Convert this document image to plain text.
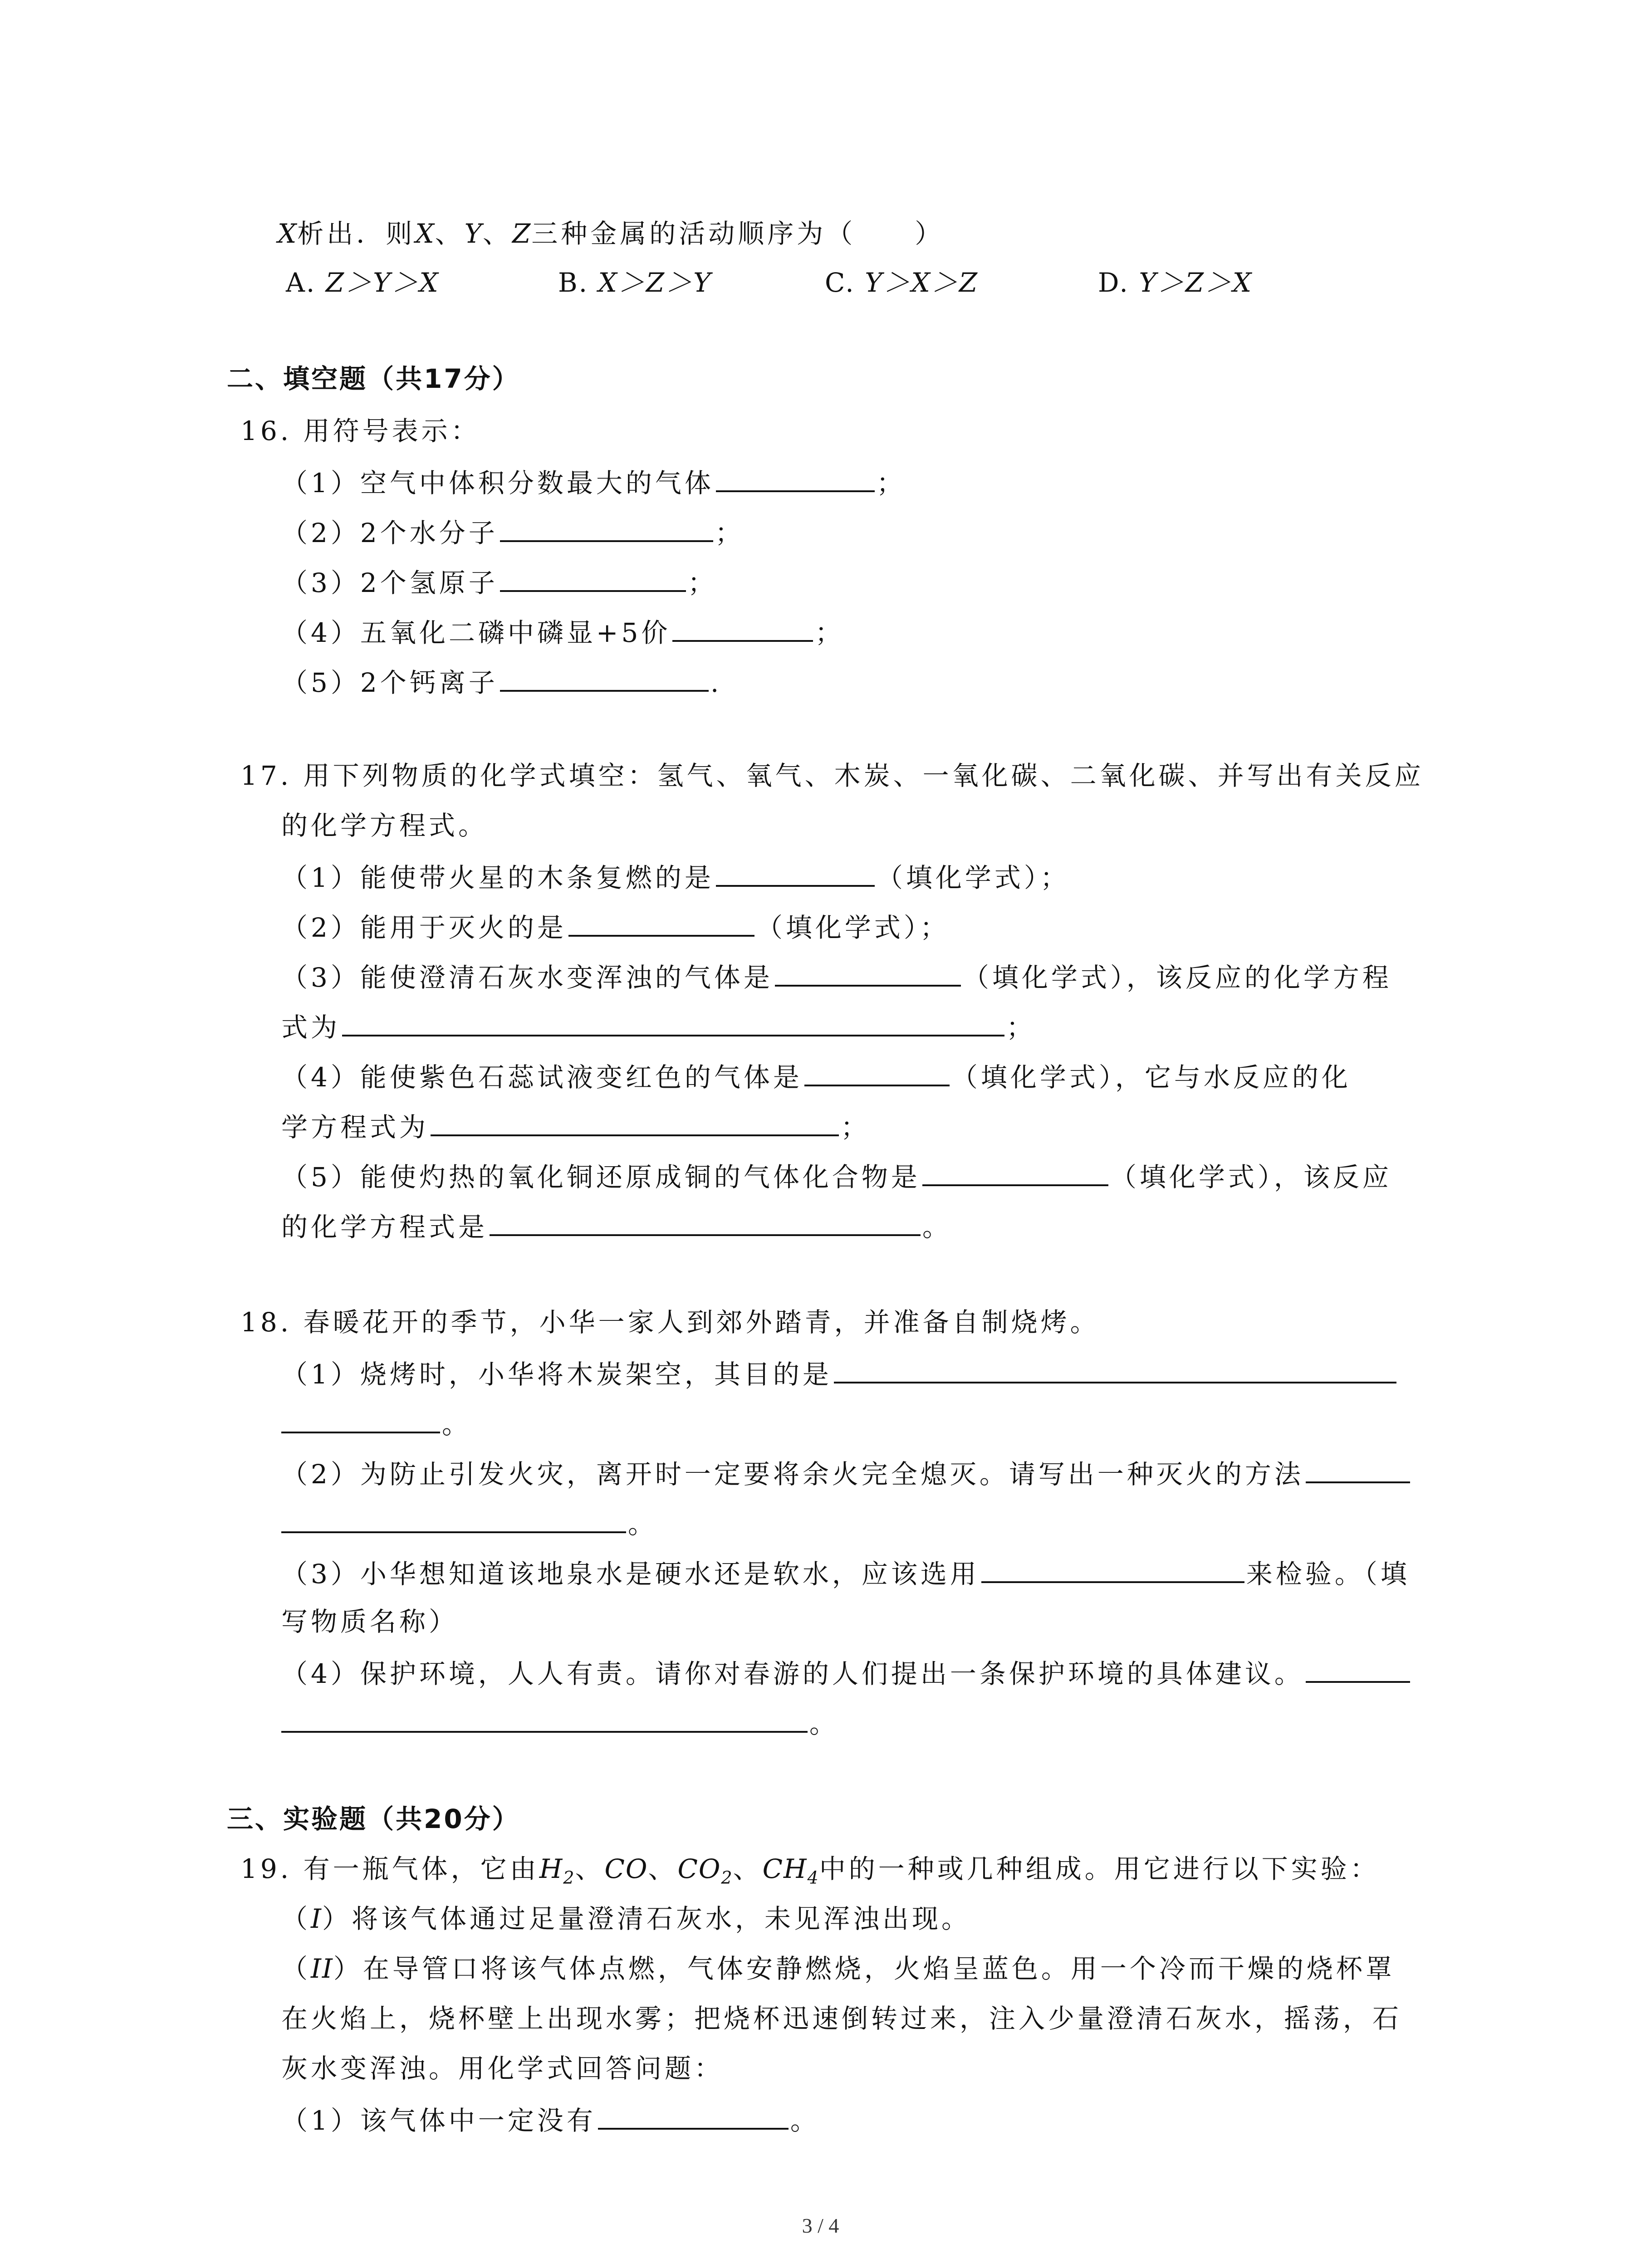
X析出．则X、Y、Z三种金属的活动顺序为（　　）
A. Z＞Y＞X	B. X＞Z＞Y	C. Y＞X＞Z	D. Y＞Z＞X
二、填空题（共17分）
16. 用符号表示：
（1）空气中体积分数最大的气体	；
（2）2个水分子	；
（3）2个氢原子	；
（4）五氧化二磷中磷显+5价	；
（5）2个钙离子	.
17. 用下列物质的化学式填空：氢气、氧气、木炭、一氧化碳、二氧化碳、并写出有关反应
的化学方程式。
（1）能使带火星的木条复燃的是	（填化学式）；
（2）能用于灭火的是	（填化学式）；
（3）能使澄清石灰水变浑浊的气体是	（填化学式），该反应的化学方程
式为	；
（4）能使紫色石蕊试液变红色的气体是	（填化学式），它与水反应的化
学方程式为	；
（5）能使灼热的氧化铜还原成铜的气体化合物是	（填化学式），该反应
的化学方程式是	。
18. 春暖花开的季节，小华一家人到郊外踏青，并准备自制烧烤。
（1）烧烤时，小华将木炭架空，其目的是
。
（2）为防止引发火灾，离开时一定要将余火完全熄灭。请写出一种灭火的方法
。
（3）小华想知道该地泉水是硬水还是软水，应该选用	来检验。（填
写物质名称）
（4）保护环境，人人有责。请你对春游的人们提出一条保护环境的具体建议。
。
三、实验题（共20分）
19. 有一瓶气体，它由$H_2$、CO、$CO_2$、$CH_4$中的一种或几种组成。用它进行以下实验：
（I）将该气体通过足量澄清石灰水，未见浑浊出现。
（II）在导管口将该气体点燃，气体安静燃烧，火焰呈蓝色。用一个冷而干燥的烧杯罩
在火焰上，烧杯壁上出现水雾；把烧杯迅速倒转过来，注入少量澄清石灰水，摇荡，石
灰水变浑浊。用化学式回答问题：
（1）该气体中一定没有	。
3 / 4
